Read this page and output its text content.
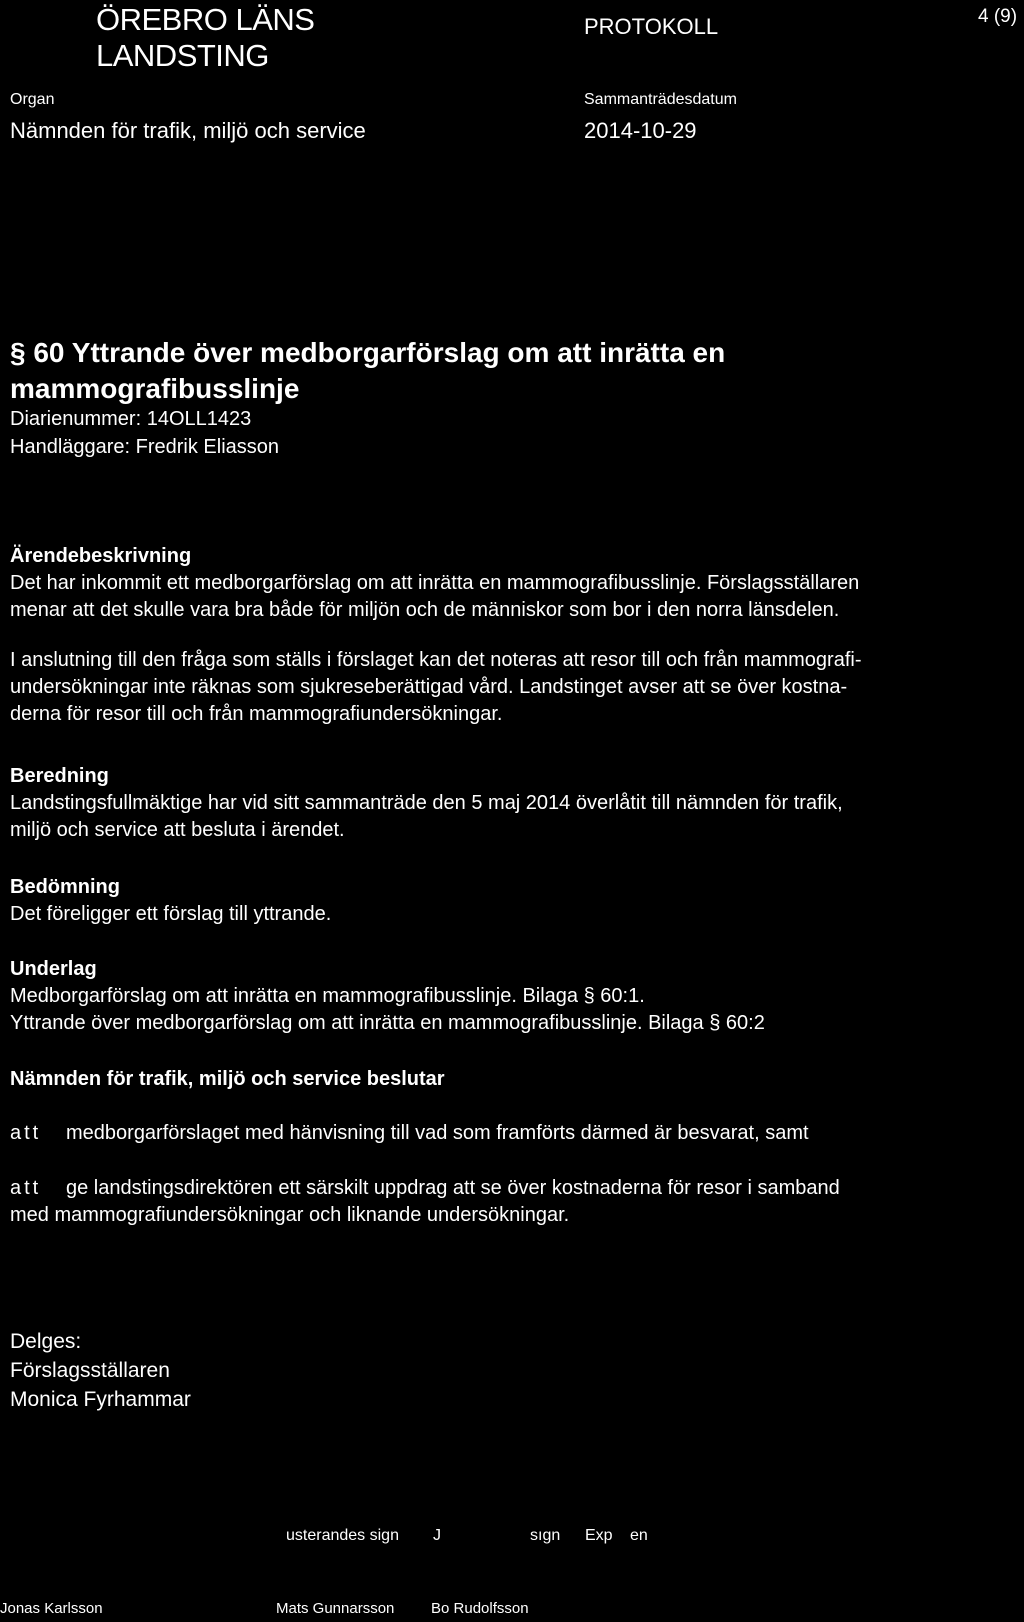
ÖREBRO LÄNS
LANDSTING
PROTOKOLL	4 (9)
Organ
Nämnden för trafik, miljö och service
Sammanträdesdatum
2014-10-29
§ 60 Yttrande över medborgarförslag om att inrätta en
mammografibusslinje
Diarienummer: 14OLL1423
Handläggare: Fredrik Eliasson
Ärendebeskrivning
Det har inkommit ett medborgarförslag om att inrätta en mammografibusslinje. Förslagsställaren
menar att det skulle vara bra både för miljön och de människor som bor i den norra länsdelen.
I anslutning till den fråga som ställs i förslaget kan det noteras att resor till och från mammografi-
undersökningar inte räknas som sjukreseberättigad vård. Landstinget avser att se över kostna-
derna för resor till och från mammografiundersökningar.
Beredning
Landstingsfullmäktige har vid sitt sammanträde den 5 maj 2014 överlåtit till nämnden för trafik,
miljö och service att besluta i ärendet.
Bedömning
Det föreligger ett förslag till yttrande.
Underlag
Medborgarförslag om att inrätta en mammografibusslinje. Bilaga § 60:1.
Yttrande över medborgarförslag om att inrätta en mammografibusslinje. Bilaga § 60:2
Nämnden för trafik, miljö och service beslutar
att medborgarförslaget med hänvisning till vad som framförts därmed är besvarat, samt
att ge landstingsdirektören ett särskilt uppdrag att se över kostnaderna för resor i samband
med mammografiundersökningar och liknande undersökningar.
Delges:
Förslagsställaren
Monica Fyrhammar
usterandes sign J	sıgn Exp en
Jonas Karlsson	Mats Gunnarsson Bo Rudolfsson
